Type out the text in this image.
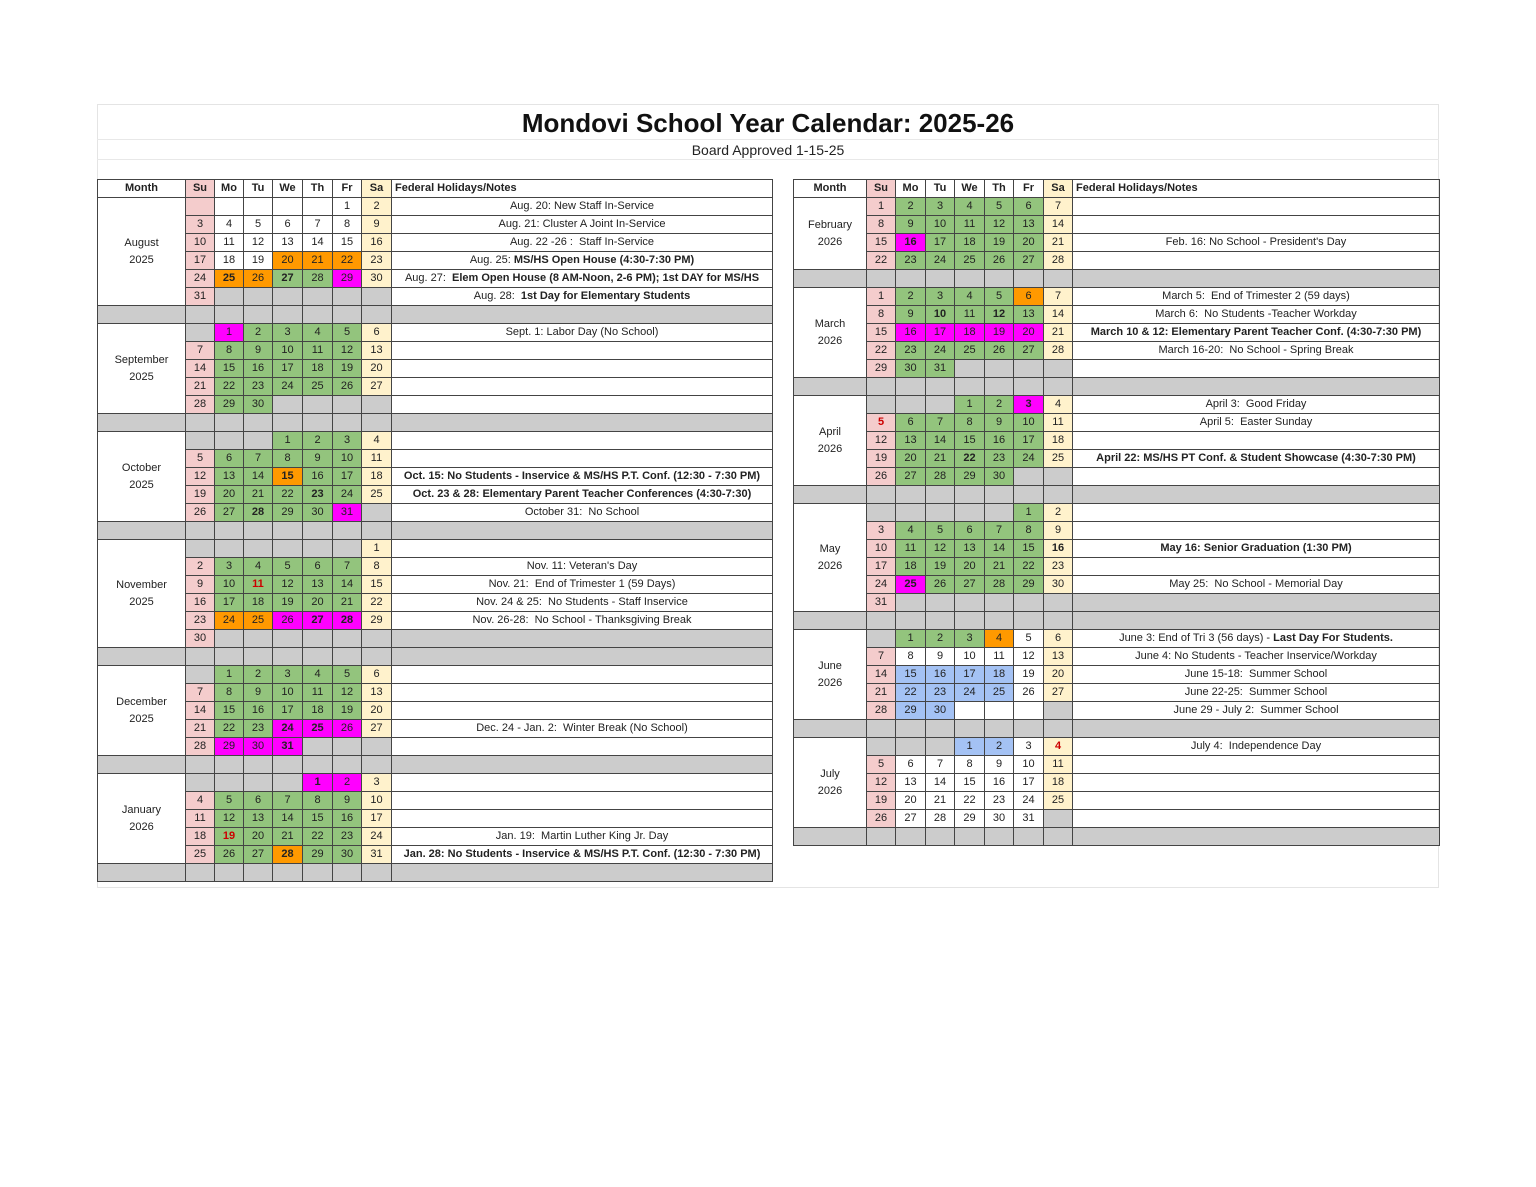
Mondovi School Year Calendar: 2025-26
Board Approved 1-15-25
Month	Su	Mo	Tu	We	Th	Fr	Sa	Federal Holidays/Notes

August
2025						1	2	Aug. 20: New Staff In-Service
	3	4	5	6	7	8	9	Aug. 21: Cluster A Joint In-Service
	10	11	12	13	14	15	16	Aug. 22 -26 :  Staff In-Service
	17	18	19	20	21	22	23	Aug. 25: MS/HS Open House (4:30-7:30 PM)
	24	25	26	27	28	29	30	Aug. 27:  Elem Open House (8 AM-Noon, 2-6 PM); 1st DAY for MS/HS
	31							Aug. 28:  1st Day for Elementary Students

September
2025		1	2	3	4	5	6	Sept. 1: Labor Day (No School)
	7	8	9	10	11	12	13	
	14	15	16	17	18	19	20	
	21	22	23	24	25	26	27	
	28	29	30					

October
2025				1	2	3	4	
	5	6	7	8	9	10	11	
	12	13	14	15	16	17	18	Oct. 15: No Students - Inservice & MS/HS P.T. Conf. (12:30 - 7:30 PM)
	19	20	21	22	23	24	25	Oct. 23 & 28: Elementary Parent Teacher Conferences (4:30-7:30)
	26	27	28	29	30	31		October 31:  No School

November
2025							1	
	2	3	4	5	6	7	8	Nov. 11: Veteran's Day
	9	10	11	12	13	14	15	Nov. 21:  End of Trimester 1 (59 Days)
	16	17	18	19	20	21	22	Nov. 24 & 25:  No Students - Staff Inservice
	23	24	25	26	27	28	29	Nov. 26-28:  No School - Thanksgiving Break
	30							

December
2025		1	2	3	4	5	6	
	7	8	9	10	11	12	13	
	14	15	16	17	18	19	20	
	21	22	23	24	25	26	27	Dec. 24 - Jan. 2:  Winter Break (No School)
	28	29	30	31				

January
2026					1	2	3	
	4	5	6	7	8	9	10	
	11	12	13	14	15	16	17	
	18	19	20	21	22	23	24	Jan. 19:  Martin Luther King Jr. Day
	25	26	27	28	29	30	31	Jan. 28: No Students - Inservice & MS/HS P.T. Conf. (12:30 - 7:30 PM)

Month	Su	Mo	Tu	We	Th	Fr	Sa	Federal Holidays/Notes

February
2026	1	2	3	4	5	6	7	
	8	9	10	11	12	13	14	
	15	16	17	18	19	20	21	Feb. 16: No School - President's Day
	22	23	24	25	26	27	28	

March
2026	1	2	3	4	5	6	7	March 5:  End of Trimester 2 (59 days)
	8	9	10	11	12	13	14	March 6:  No Students -Teacher Workday
	15	16	17	18	19	20	21	March 10 & 12: Elementary Parent Teacher Conf. (4:30-7:30 PM)
	22	23	24	25	26	27	28	March 16-20:  No School - Spring Break
	29	30	31					

April
2026				1	2	3	4	April 3:  Good Friday
	5	6	7	8	9	10	11	April 5:  Easter Sunday
	12	13	14	15	16	17	18	
	19	20	21	22	23	24	25	April 22: MS/HS PT Conf. & Student Showcase (4:30-7:30 PM)
	26	27	28	29	30			

May
2026						1	2	
	3	4	5	6	7	8	9	
	10	11	12	13	14	15	16	May 16: Senior Graduation (1:30 PM)
	17	18	19	20	21	22	23	
	24	25	26	27	28	29	30	May 25:  No School - Memorial Day
	31							

June
2026		1	2	3	4	5	6	June 3: End of Tri 3 (56 days) - Last Day For Students.
	7	8	9	10	11	12	13	June 4: No Students - Teacher Inservice/Workday
	14	15	16	17	18	19	20	June 15-18:  Summer School
	21	22	23	24	25	26	27	June 22-25:  Summer School
	28	29	30					June 29 - July 2:  Summer School

July
2026				1	2	3	4	July 4:  Independence Day
	5	6	7	8	9	10	11	
	12	13	14	15	16	17	18	
	19	20	21	22	23	24	25	
	26	27	28	29	30	31		
